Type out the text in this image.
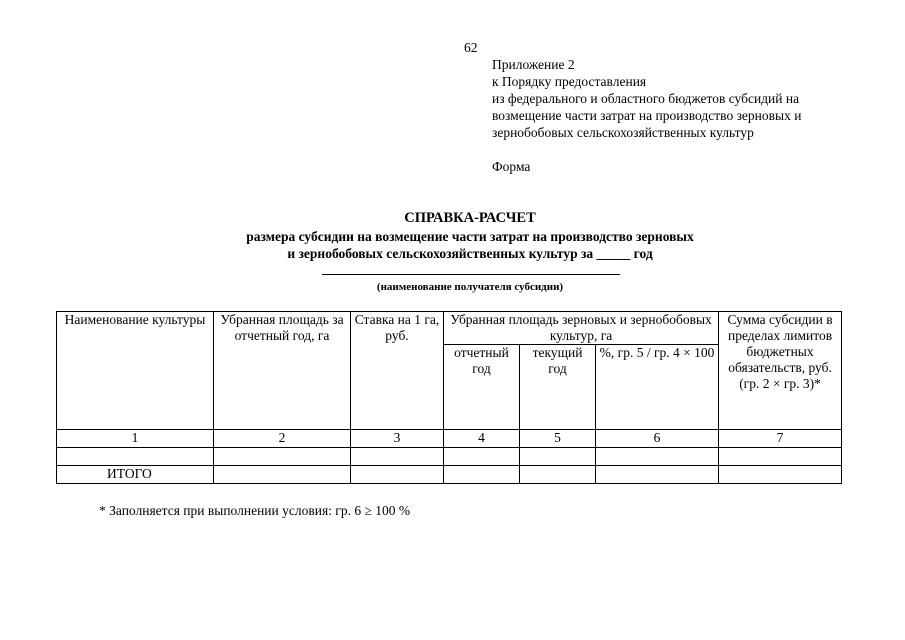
62
Приложение 2
к Порядку предоставления
из федерального и областного бюджетов субсидий на
возмещение части затрат на производство зерновых и
зернобобовых сельскохозяйственных культур
Форма
СПРАВКА-РАСЧЕТ
размера субсидии на возмещение части затрат на производство зерновых
и зернобобовых сельскохозяйственных культур за _____ год
(наименование получателя субсидии)
Наименование культуры	Убранная площадь за отчетный год, га	Ставка на 1 га, руб.	Убранная площадь зерновых и зернобобовых культур, га			Сумма субсидии в пределах лимитов бюджетных обязательств, руб. (гр. 2 × гр. 3)*
			отчетный год	текущий год	%, гр. 5 / гр. 4 × 100	
1	2	3	4	5	6	7

ИТОГО						
* Заполняется при выполнении условия: гр. 6 ≥ 100 %
